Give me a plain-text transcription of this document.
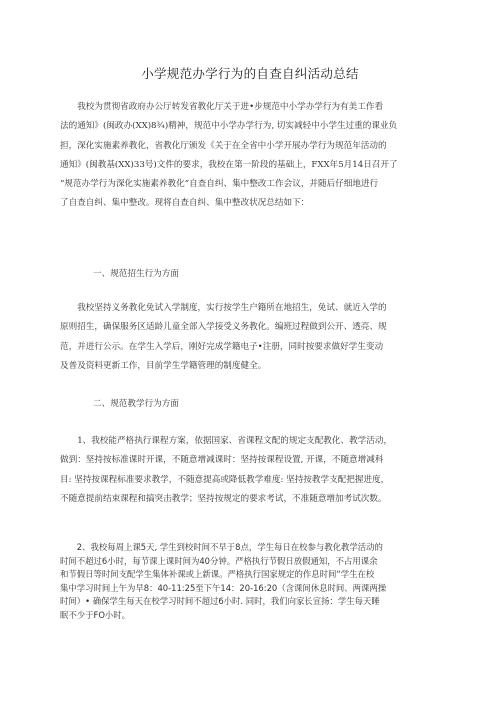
小学规范办学行为的自查自纠活动总结

我校为贯彻省政府办公厅转发省教化厅关于进•步规范中小学办学行为有美工作看
法的通知》(闽政办(XX)8¾)精神，规范中小学办学行为, 切实减轻中小学生过重的课业负
担，深化实施素养教化，省教化厅颁发《关于在全省中小学开展办学行为规范年活动的
通知》(闽教基(XX)33号)文件的要求，我校在第一阶段的基础上，FXX年5月14日召开了
“规范办学行为深化实施素养教化”自查自纠、集中整改工作会议，并随后仔细地进行
了自查自纠、集中整改。现将自查自纠、集中整改状况总结如下：

一、规范招生行为方面

我校坚持义务教化免试入学制度，实行按学生户籍所在地招生，免试、就近入学的
原则招生，确保服务区适龄儿童全部入学接受义务教化。编班过程做到公开、透亮、规
范，并进行公示。在学生入学后，刚好完成学籍电子•注册，同时按要求做好学生变动
及普及资料更新工作，目前学生学籍管理的制度健全。

二、规范教学行为方面

1、我校能严格执行课程方案，依据国家、省课程文配的规定支配教化、教学活动，
做到：坚持按标准课时开课，不随意增减课时：坚持按课程设置, 开课，不随意增减科
目: 坚持按课程标准要求教学，不随意提高或降低教学难度: 坚持按教学支配把握进度，
不随意提前结束课程和搞突击教学；坚持按规定的要求考试，不准随意增加考试次数。

2、我校每周上课5天, 学生到校时间不早于8点，学生每日在校参与教化教学活动的
时间不超过6小时，每节课上课时间为40分钟。严格执行节假日放假通知，不占用课余
和节假日等时间支配学生集体补课或上新课。严格执行国家规定的作息时间“学生在校
集中学习时间上午为早8：40-11:25至下午14：20-16:20（含课间休息时间、两课两操
时间）• 确保学生每天在校学习时间不超过6小时. 同时，我们向家长宣扬：学生每天睡
眠不少于FO小时。
